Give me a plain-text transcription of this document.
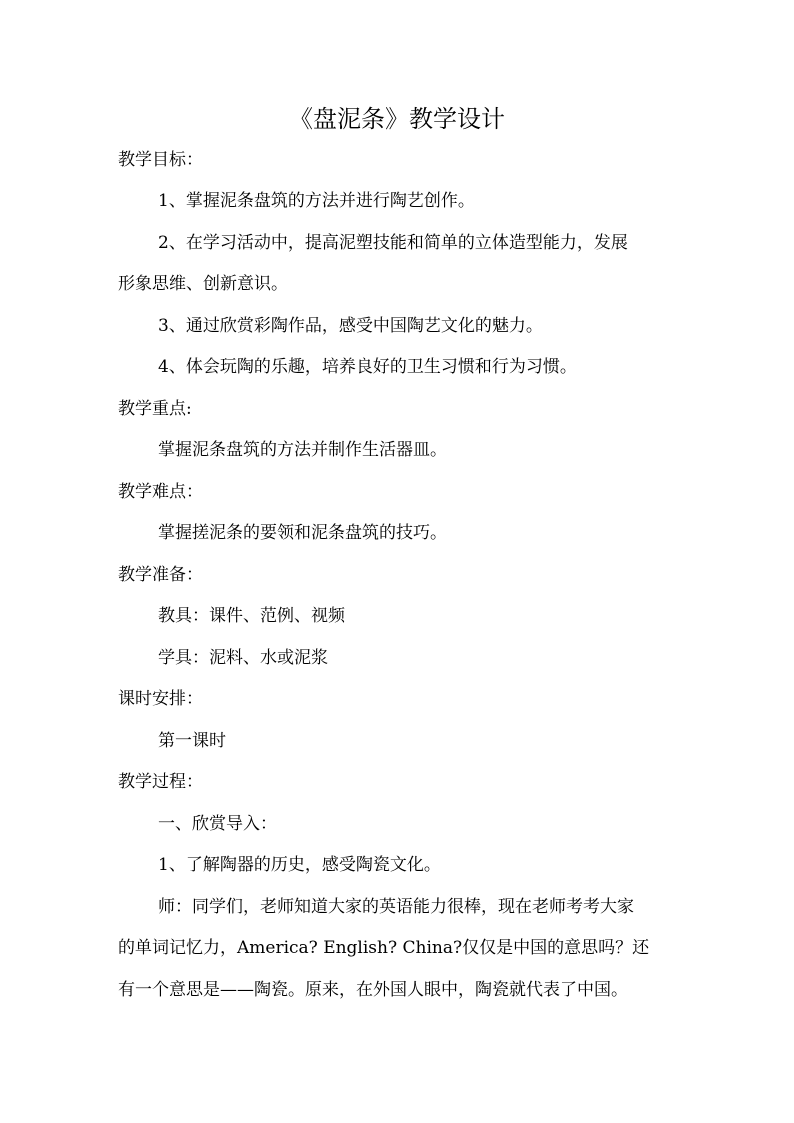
《盘泥条》教学设计
教学目标：
1、掌握泥条盘筑的方法并进行陶艺创作。
2、在学习活动中，提高泥塑技能和简单的立体造型能力，发展
形象思维、创新意识。
3、通过欣赏彩陶作品，感受中国陶艺文化的魅力。
4、体会玩陶的乐趣，培养良好的卫生习惯和行为习惯。
教学重点:
掌握泥条盘筑的方法并制作生活器皿。
教学难点：
掌握搓泥条的要领和泥条盘筑的技巧。
教学准备：
教具：课件、范例、视频
学具：泥料、水或泥浆
课时安排：
第一课时
教学过程：
一、欣赏导入：
1、了解陶器的历史，感受陶瓷文化。
师：同学们，老师知道大家的英语能力很棒，现在老师考考大家
的单词记忆力，America? English? China?仅仅是中国的意思吗？还
有一个意思是——陶瓷。原来，在外国人眼中，陶瓷就代表了中国。
